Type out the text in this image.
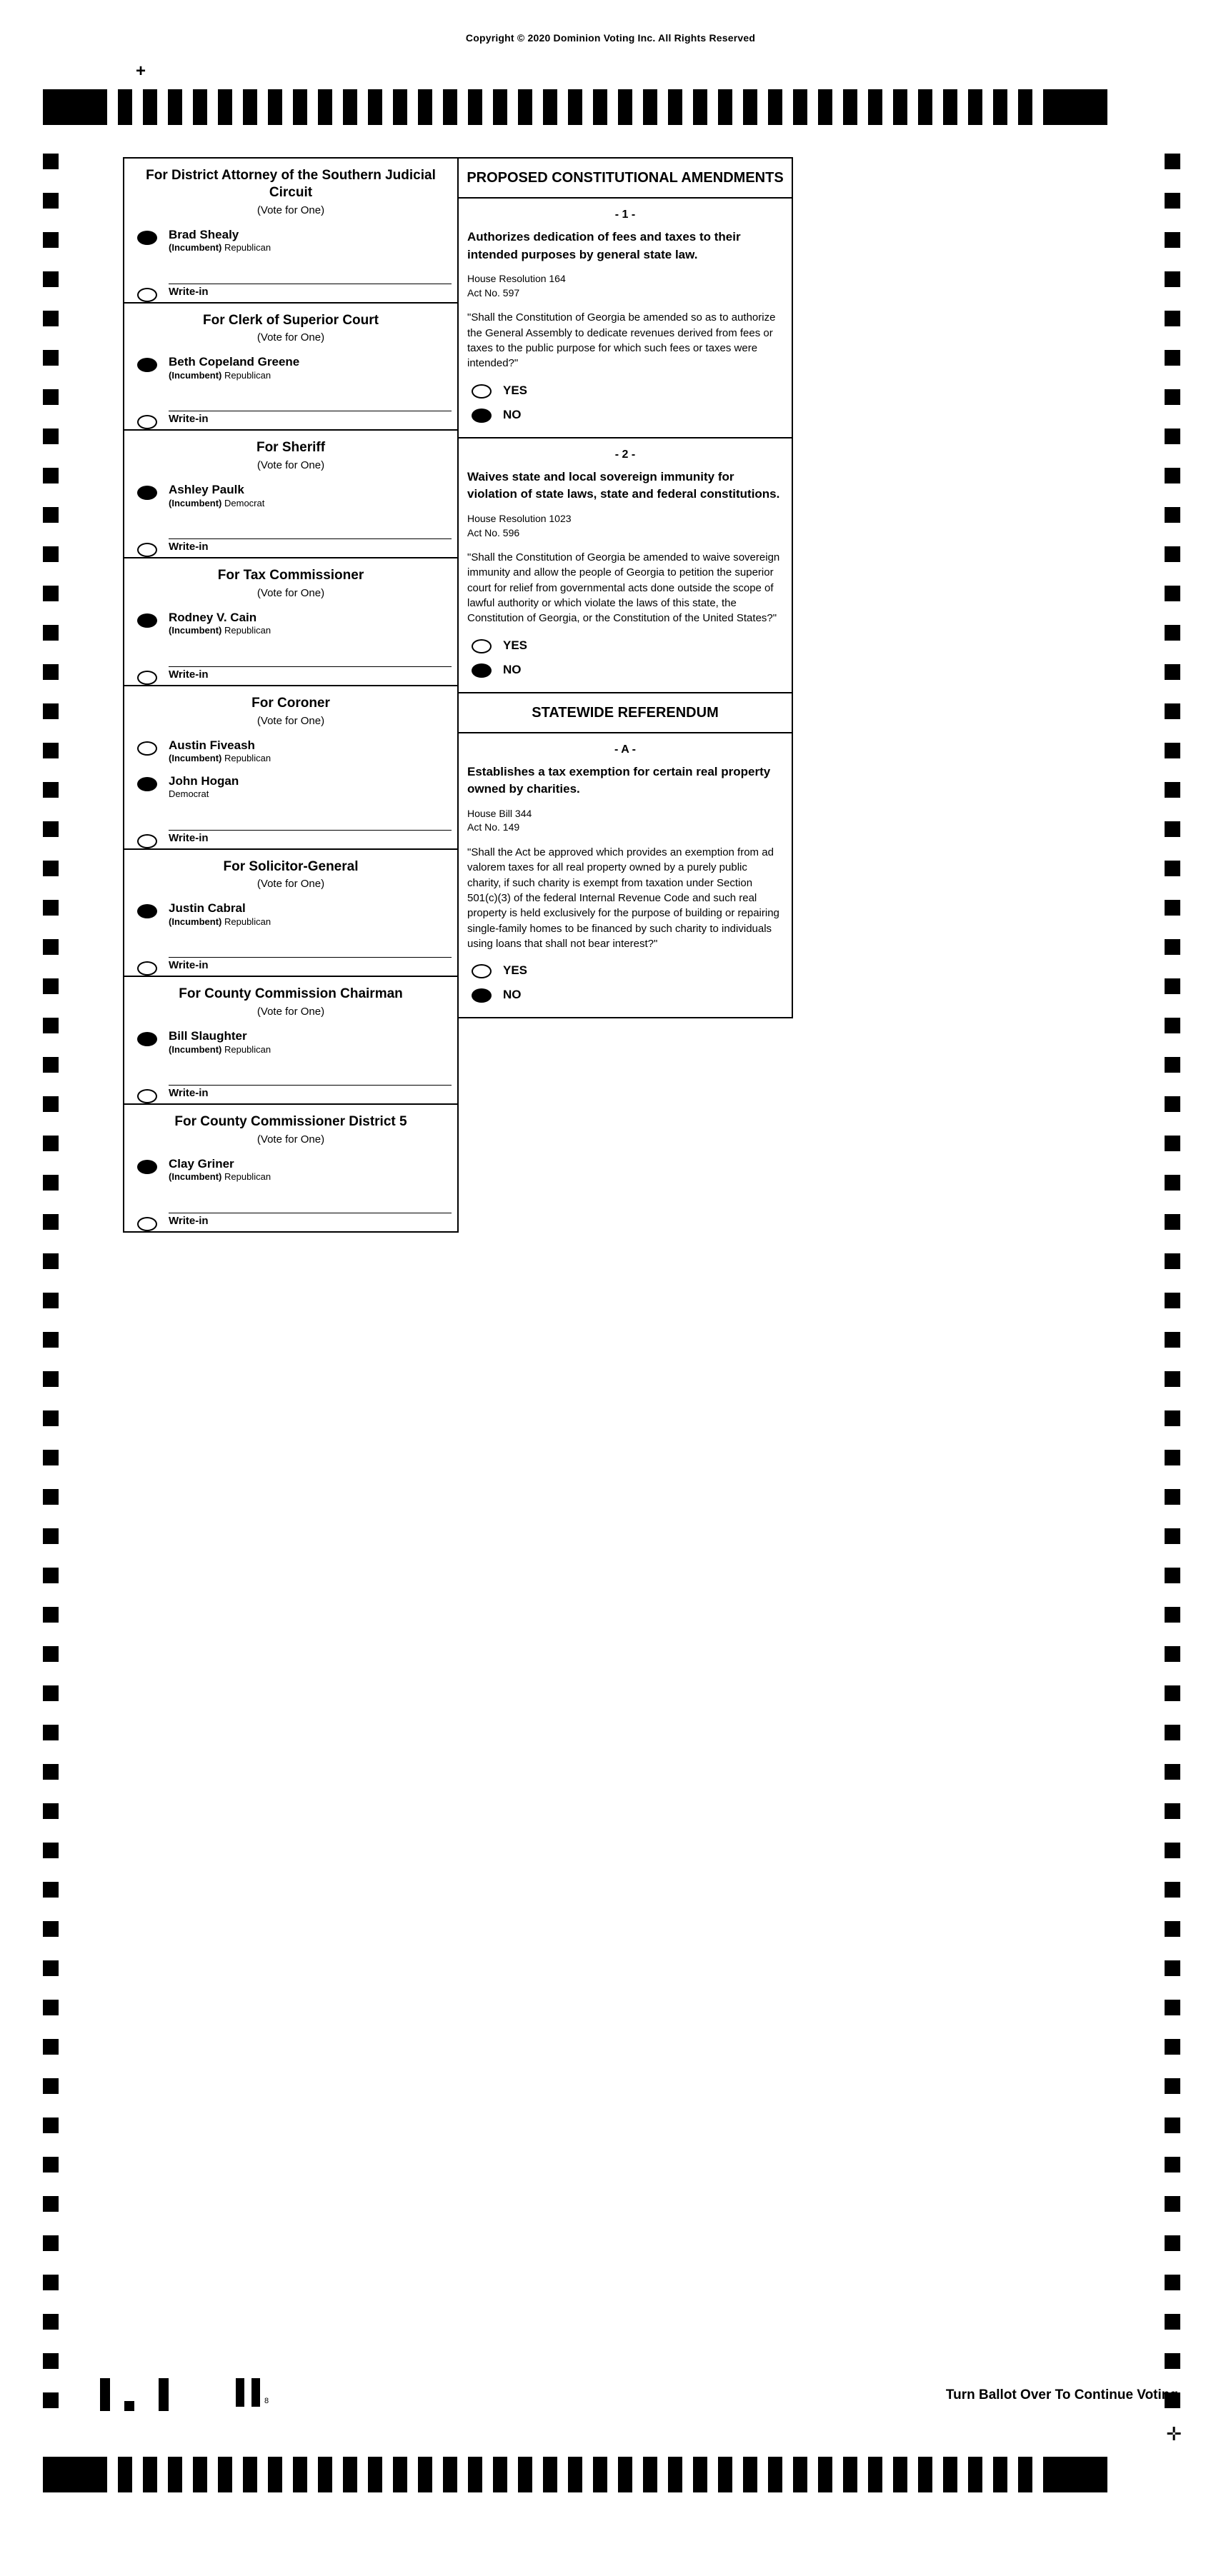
Copyright © 2020 Dominion Voting Inc. All Rights Reserved
+
For District Attorney of the Southern Judicial Circuit
(Vote for One)
Brad Shealy
(Incumbent) Republican
Write-in
For Clerk of Superior Court
(Vote for One)
Beth Copeland Greene
(Incumbent) Republican
Write-in
For Sheriff
(Vote for One)
Ashley Paulk
(Incumbent) Democrat
Write-in
For Tax Commissioner
(Vote for One)
Rodney V. Cain
(Incumbent) Republican
Write-in
For Coroner
(Vote for One)
Austin Fiveash
(Incumbent) Republican
John Hogan
Democrat
Write-in
For Solicitor-General
(Vote for One)
Justin Cabral
(Incumbent) Republican
Write-in
For County Commission Chairman
(Vote for One)
Bill Slaughter
(Incumbent) Republican
Write-in
For County Commissioner District 5
(Vote for One)
Clay Griner
(Incumbent) Republican
Write-in
PROPOSED CONSTITUTIONAL AMENDMENTS
- 1 -
Authorizes dedication of fees and taxes to their intended purposes by general state law.
House Resolution 164
Act No. 597
"Shall the Constitution of Georgia be amended so as to authorize the General Assembly to dedicate revenues derived from fees or taxes to the public purpose for which such fees or taxes were intended?"
YES
NO
- 2 -
Waives state and local sovereign immunity for violation of state laws, state and federal constitutions.
House Resolution 1023
Act No. 596
"Shall the Constitution of Georgia be amended to waive sovereign immunity and allow the people of Georgia to petition the superior court for relief from governmental acts done outside the scope of lawful authority or which violate the laws of this state, the Constitution of Georgia, or the Constitution of the United States?"
YES
NO
STATEWIDE REFERENDUM
- A -
Establishes a tax exemption for certain real property owned by charities.
House Bill 344
Act No. 149
"Shall the Act be approved which provides an exemption from ad valorem taxes for all real property owned by a purely public charity, if such charity is exempt from taxation under Section 501(c)(3) of the federal Internal Revenue Code and such real property is held exclusively for the purpose of building or repairing single-family homes to be financed by such charity to individuals using loans that shall not bear interest?"
YES
NO
Turn Ballot Over To Continue Voting
8
✛
